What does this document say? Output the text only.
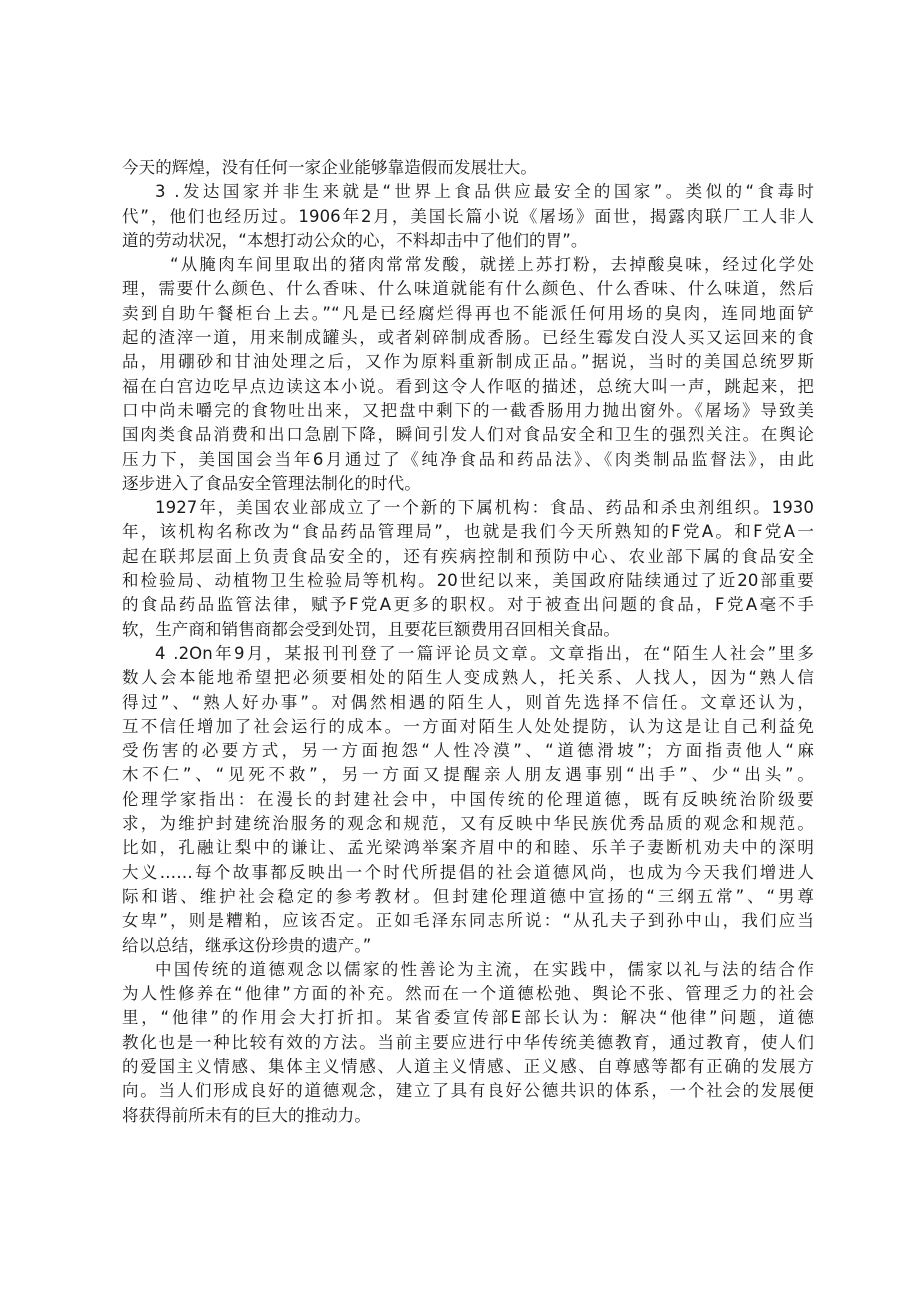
今天的辉煌，没有任何一家企业能够靠造假而发展壮大。
3 .发达国家并非生来就是“世界上食品供应最安全的国家”。类似的“食毒时
代”，他们也经历过。1906年2月，美国长篇小说《屠场》面世，揭露肉联厂工人非人
道的劳动状况，“本想打动公众的心，不料却击中了他们的胃”。
“从腌肉车间里取出的猪肉常常发酸，就搓上苏打粉，去掉酸臭味，经过化学处
理，需要什么颜色、什么香味、什么味道就能有什么颜色、什么香味、什么味道，然后
卖到自助午餐柜台上去。”“凡是已经腐烂得再也不能派任何用场的臭肉，连同地面铲
起的渣滓一道，用来制成罐头，或者剁碎制成香肠。已经生霉发白没人买又运回来的食
品，用硼砂和甘油处理之后，又作为原料重新制成正品。”据说，当时的美国总统罗斯
福在白宫边吃早点边读这本小说。看到这令人作呕的描述，总统大叫一声，跳起来，把
口中尚未嚼完的食物吐出来，又把盘中剩下的一截香肠用力抛出窗外。《屠场》导致美
国肉类食品消费和出口急剧下降，瞬间引发人们对食品安全和卫生的强烈关注。在舆论
压力下，美国国会当年6月通过了《纯净食品和药品法》、《肉类制品监督法》，由此
逐步进入了食品安全管理法制化的时代。
1927年，美国农业部成立了一个新的下属机构：食品、药品和杀虫剂组织。1930
年，该机构名称改为“食品药品管理局”，也就是我们今天所熟知的F党A。和F党A一
起在联邦层面上负责食品安全的，还有疾病控制和预防中心、农业部下属的食品安全
和检验局、动植物卫生检验局等机构。20世纪以来，美国政府陆续通过了近20部重要
的食品药品监管法律，赋予F党A更多的职权。对于被查出问题的食品，F党A毫不手
软，生产商和销售商都会受到处罚，且要花巨额费用召回相关食品。
4 .2On年9月，某报刊刊登了一篇评论员文章。文章指出，在“陌生人社会”里多
数人会本能地希望把必须要相处的陌生人变成熟人，托关系、人找人，因为“熟人信
得过”、“熟人好办事”。对偶然相遇的陌生人，则首先选择不信任。文章还认为，
互不信任增加了社会运行的成本。一方面对陌生人处处提防，认为这是让自己利益免
受伤害的必要方式，另一方面抱怨“人性冷漠”、“道德滑坡”；方面指责他人“麻
木不仁”、“见死不救”，另一方面又提醒亲人朋友遇事别“出手”、少“出头”。
伦理学家指出：在漫长的封建社会中，中国传统的伦理道德，既有反映统治阶级要
求，为维护封建统治服务的观念和规范，又有反映中华民族优秀品质的观念和规范。
比如，孔融让梨中的谦让、孟光梁鸿举案齐眉中的和睦、乐羊子妻断机劝夫中的深明
大义……每个故事都反映出一个时代所提倡的社会道德风尚，也成为今天我们增进人
际和谐、维护社会稳定的参考教材。但封建伦理道德中宣扬的“三纲五常”、“男尊
女卑”，则是糟粕，应该否定。正如毛泽东同志所说：“从孔夫子到孙中山，我们应当
给以总结，继承这份珍贵的遗产。”
中国传统的道德观念以儒家的性善论为主流，在实践中，儒家以礼与法的结合作
为人性修养在“他律”方面的补充。然而在一个道德松弛、舆论不张、管理乏力的社会
里，“他律”的作用会大打折扣。某省委宣传部E部长认为：解决“他律”问题，道德
教化也是一种比较有效的方法。当前主要应进行中华传统美德教育，通过教育，使人们
的爱国主义情感、集体主义情感、人道主义情感、正义感、自尊感等都有正确的发展方
向。当人们形成良好的道德观念，建立了具有良好公德共识的体系，一个社会的发展便
将获得前所未有的巨大的推动力。
